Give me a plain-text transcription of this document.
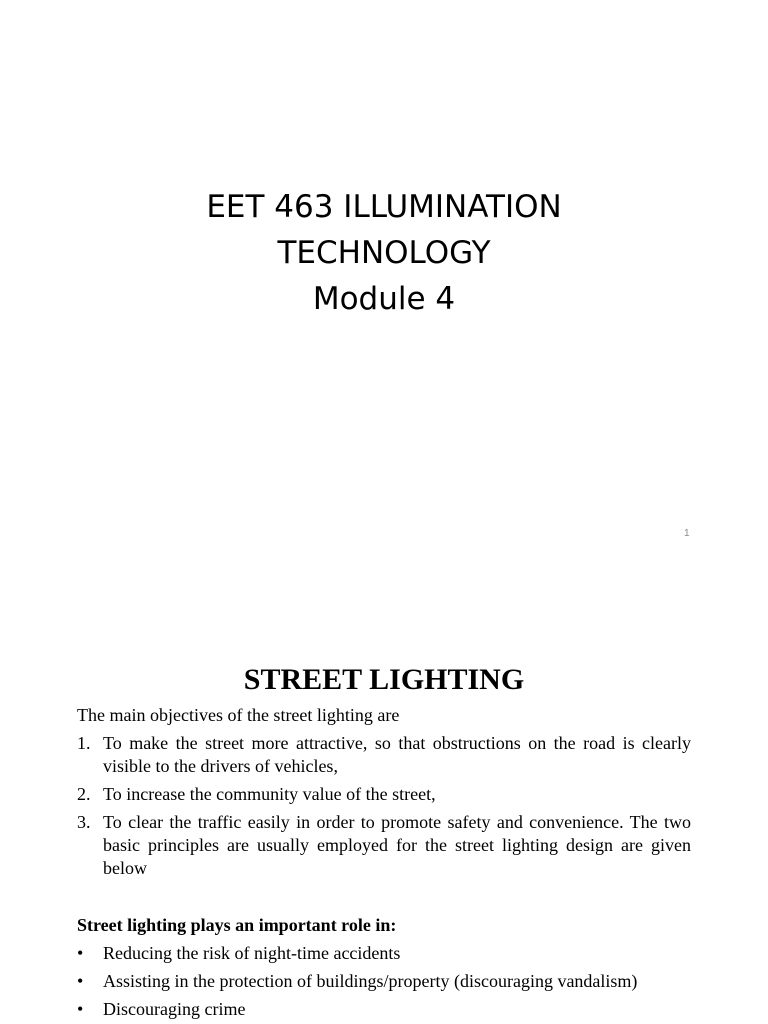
EET 463 ILLUMINATION
TECHNOLOGY
Module 4
1
STREET LIGHTING
The main objectives of the street lighting are
1. To make the street more attractive, so that obstructions on the road is clearly visible to the drivers of vehicles,
2. To increase the community value of the street,
3. To clear the traffic easily in order to promote safety and convenience. The two basic principles are usually employed for the street lighting design are given below
Street lighting plays an important role in:
• Reducing the risk of night-time accidents
• Assisting in the protection of buildings/property (discouraging vandalism)
• Discouraging crime
